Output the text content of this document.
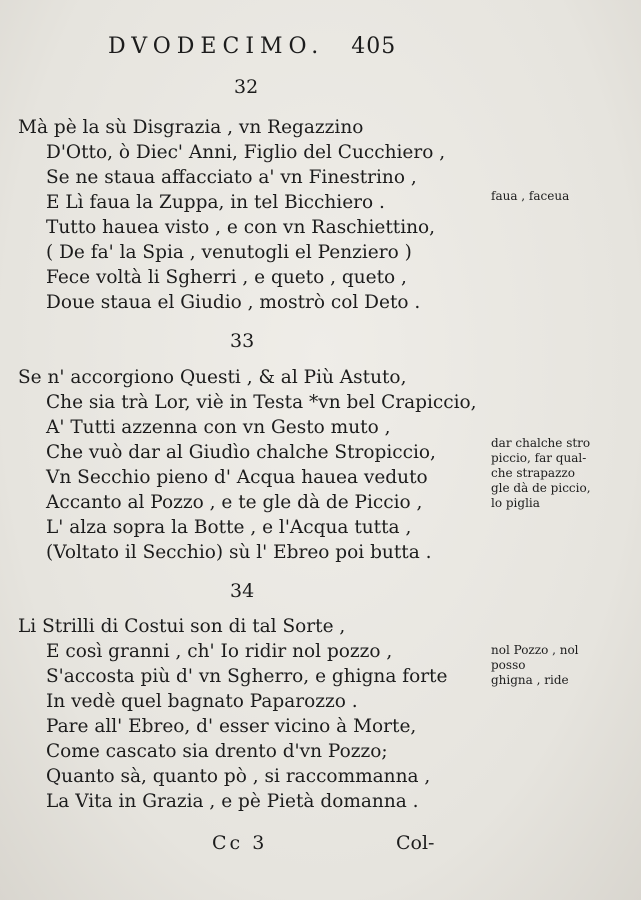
DVODECIMO. 405
32
Mà pè la sù Disgrazia , vn Regazzino
D'Otto, ò Diec' Anni, Figlio del Cucchiero ,
Se ne staua affacciato a' vn Finestrino ,
E Lì faua la Zuppa, in tel Bicchiero .
Tutto hauea visto , e con vn Raschiettino,
( De fa' la Spia , venutogli el Penziero )
Fece voltà li Sgherri , e queto , queto ,
Doue staua el Giudio , mostrò col Deto .
33
Se n' accorgiono Questi , & al Più Astuto,
Che sia trà Lor, viè in Testa *vn bel Crapiccio,
A' Tutti azzenna con vn Gesto muto ,
Che vuò dar al Giudìo chalche Stropiccio,
Vn Secchio pieno d' Acqua hauea veduto
Accanto al Pozzo , e te gle dà de Piccio ,
L' alza sopra la Botte , e l'Acqua tutta ,
(Voltato il Secchio) sù l' Ebreo poi butta .
34
Li Strilli di Costui son di tal Sorte ,
E così granni , ch' Io ridir nol pozzo ,
S'accosta più d' vn Sgherro, e ghigna forte
In vedè quel bagnato Paparozzo .
Pare all' Ebreo, d' esser vicino à Morte,
Come cascato sia drento d'vn Pozzo;
Quanto sà, quanto pò , si raccommanna ,
La Vita in Grazia , e pè Pietà domanna .
faua , faceua
dar chalche stro
piccio, far qual-
che strapazzo
gle dà de piccio,
lo piglia
nol Pozzo , nol
posso
ghigna , ride
Cc 3	Col-
